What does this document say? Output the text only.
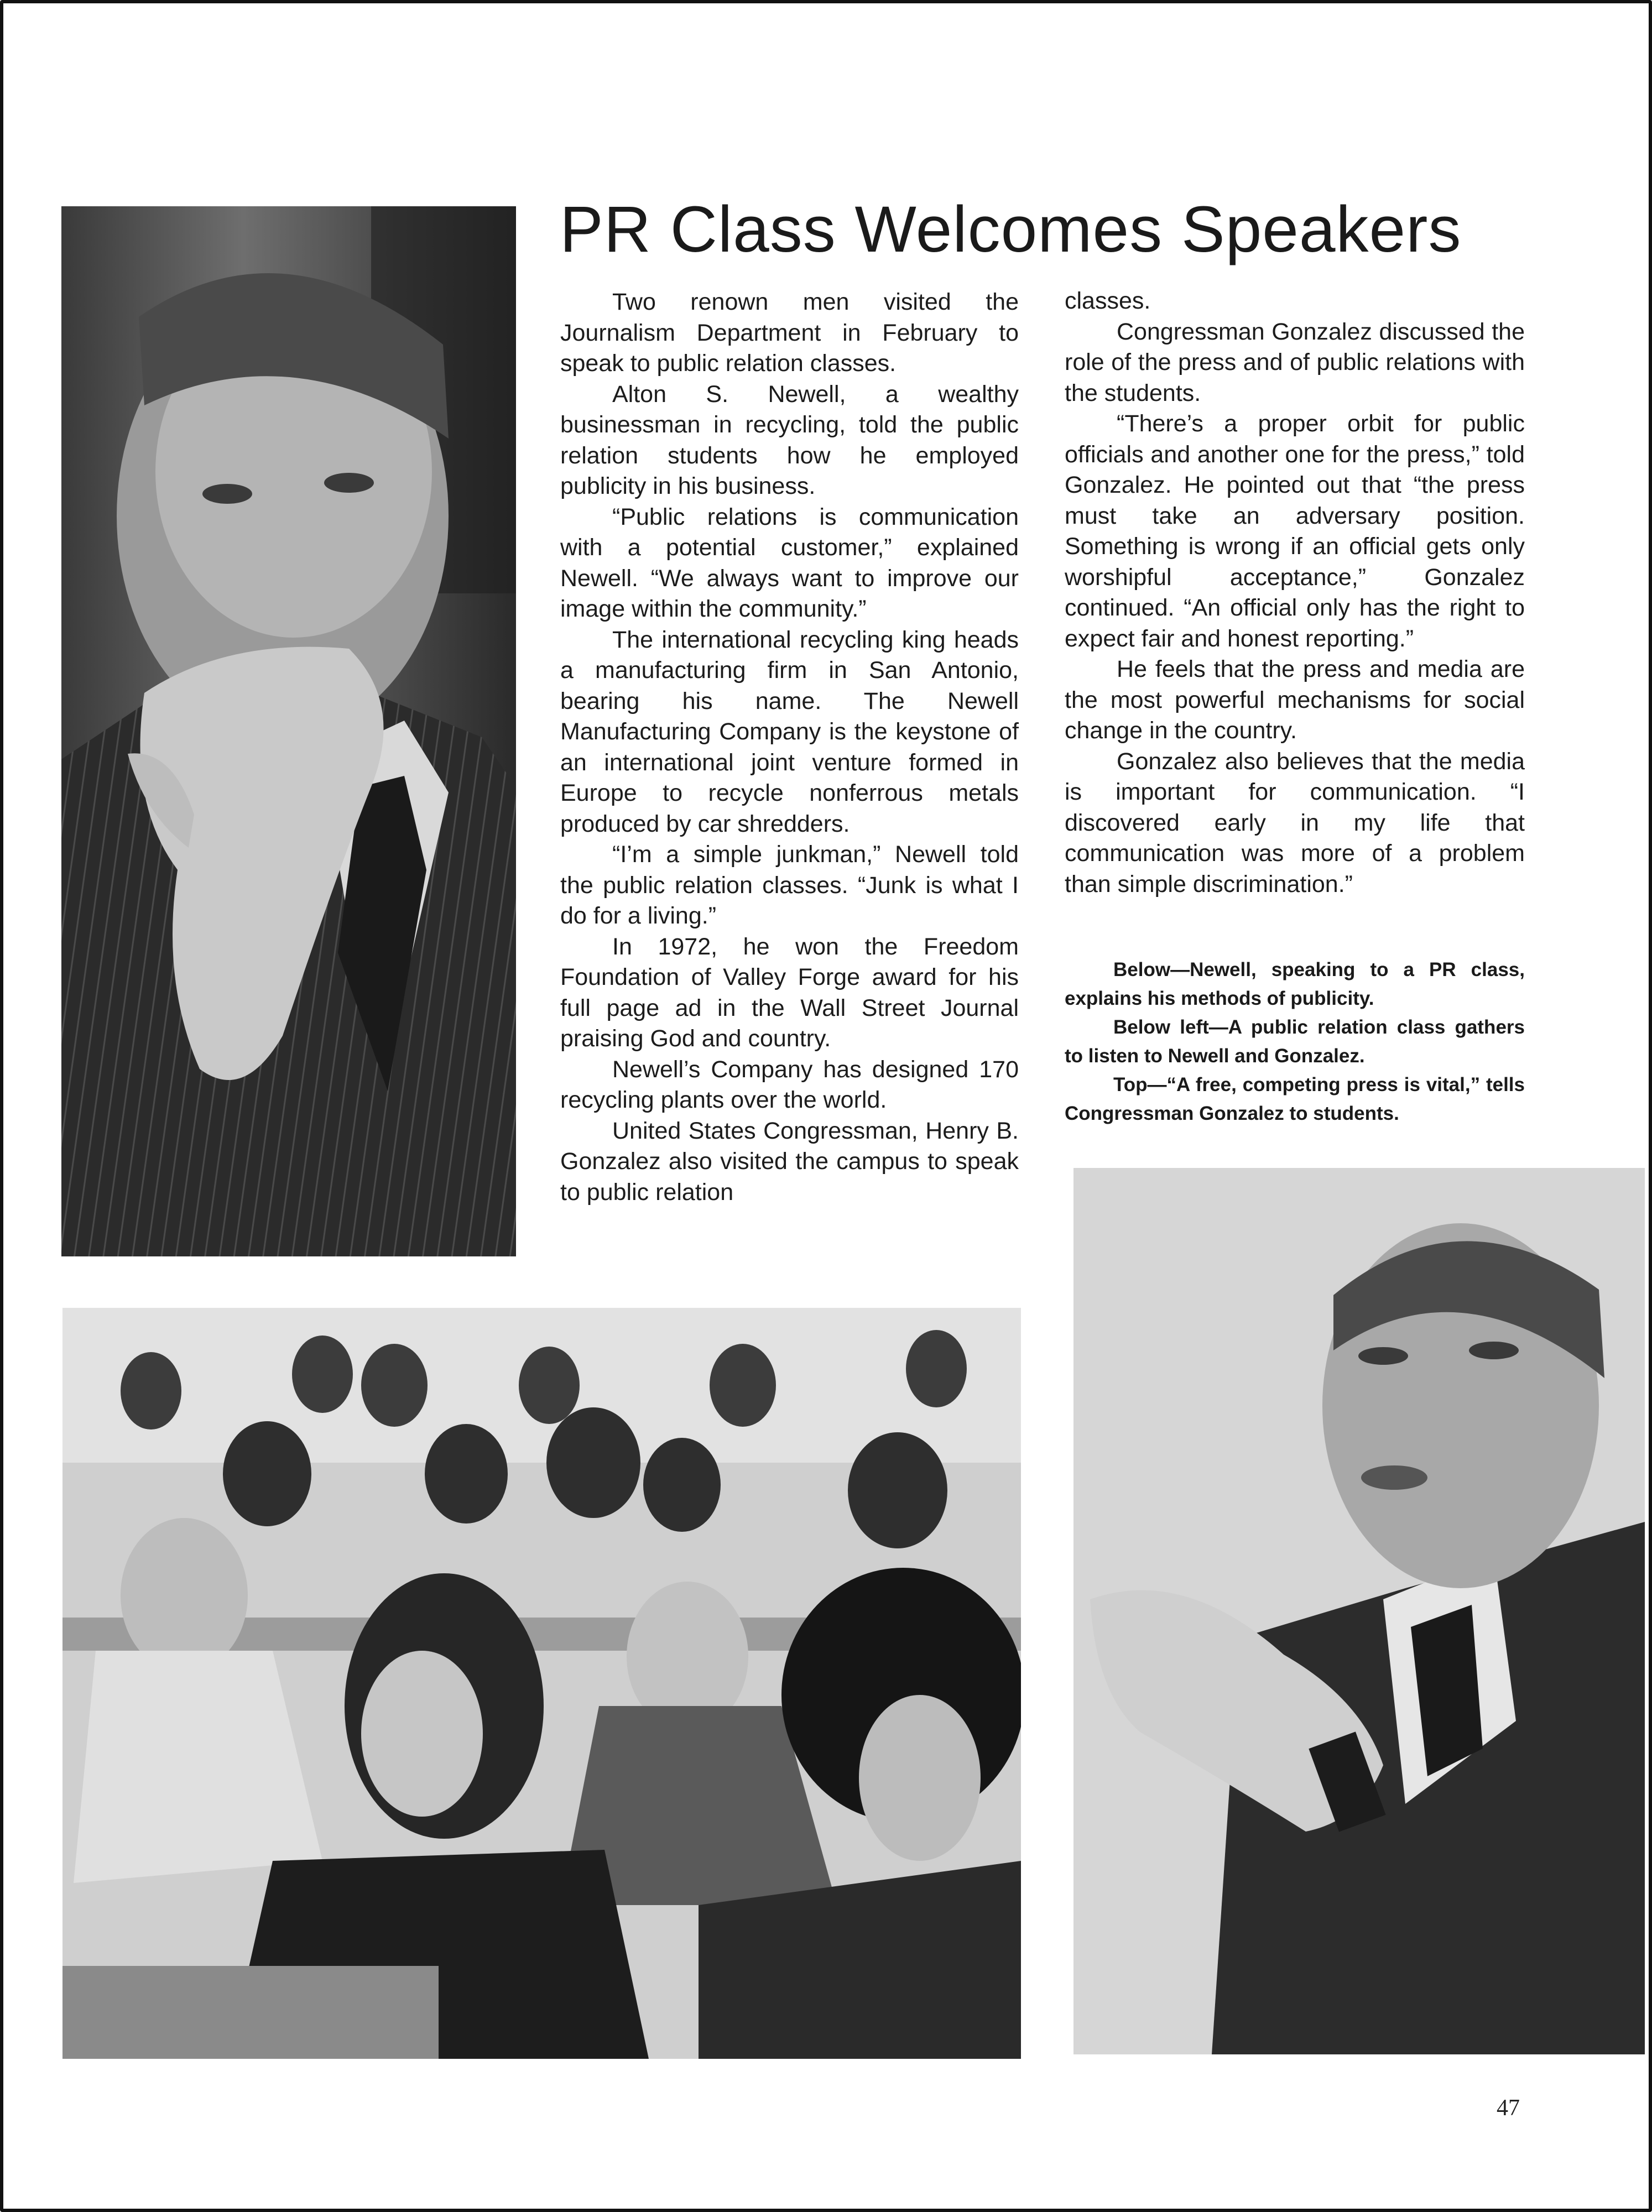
PR Class Welcomes Speakers

Two renown men visited the Journalism Department in February to speak to public relation classes.

Alton S. Newell, a wealthy businessman in recycling, told the public relation students how he employed publicity in his business.

“Public relations is communication with a potential customer,” explained Newell. “We always want to improve our image within the community.”

The international recycling king heads a manufacturing firm in San Antonio, bearing his name. The Newell Manufacturing Company is the keystone of an international joint venture formed in Europe to recycle nonferrous metals produced by car shredders.

“I’m a simple junkman,” Newell told the public relation classes. “Junk is what I do for a living.”

In 1972, he won the Freedom Foundation of Valley Forge award for his full page ad in the Wall Street Journal praising God and country.

Newell’s Company has designed 170 recycling plants over the world.

United States Congressman, Henry B. Gonzalez also visited the campus to speak to public relation

classes.

Congressman Gonzalez discussed the role of the press and of public relations with the students.

“There’s a proper orbit for public officials and another one for the press,” told Gonzalez. He pointed out that “the press must take an adversary position. Something is wrong if an official gets only worshipful acceptance,” Gonzalez continued. “An official only has the right to expect fair and honest reporting.”

He feels that the press and media are the most powerful mechanisms for social change in the country.

Gonzalez also believes that the media is important for communication. “I discovered early in my life that communication was more of a problem than simple discrimination.”

Below—Newell, speaking to a PR class, explains his methods of publicity.

Below left—A public relation class gathers to listen to Newell and Gonzalez.

Top—“A free, competing press is vital,” tells Congressman Gonzalez to students.

47
